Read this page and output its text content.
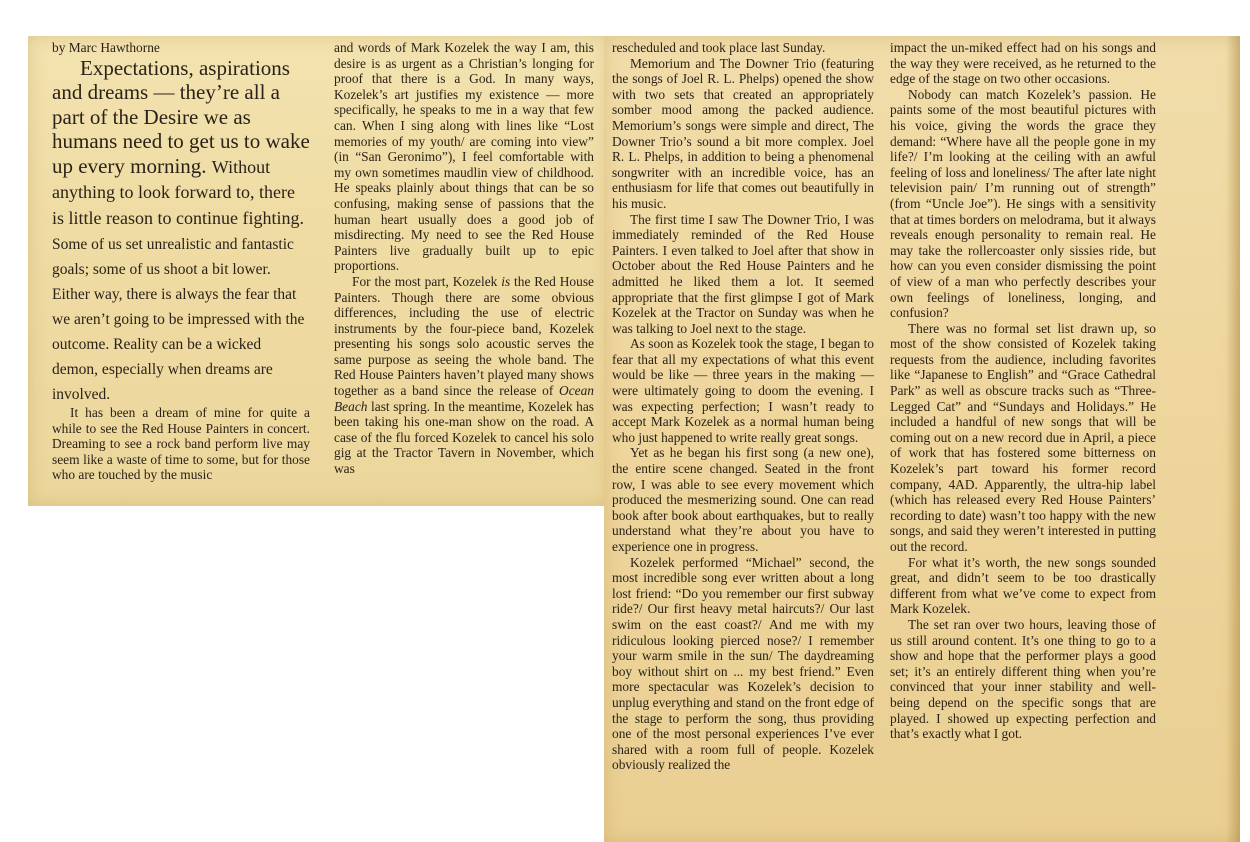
by Marc Hawthorne

Expectations, aspirations and dreams — they’re all a part of the Desire we as humans need to get us to wake up every morning. Without anything to look forward to, there is little reason to continue fighting. Some of us set unrealistic and fantastic goals; some of us shoot a bit lower. Either way, there is always the fear that we aren’t going to be impressed with the outcome. Reality can be a wicked demon, especially when dreams are involved.

It has been a dream of mine for quite a while to see the Red House Painters in concert. Dreaming to see a rock band perform live may seem like a waste of time to some, but for those who are touched by the music

and words of Mark Kozelek the way I am, this desire is as urgent as a Christian’s longing for proof that there is a God. In many ways, Kozelek’s art justifies my existence — more specifically, he speaks to me in a way that few can. When I sing along with lines like “Lost memories of my youth/ are coming into view” (in “San Geronimo”), I feel comfortable with my own sometimes maudlin view of childhood. He speaks plainly about things that can be so confusing, making sense of passions that the human heart usually does a good job of misdirecting. My need to see the Red House Painters live gradually built up to epic proportions.

For the most part, Kozelek is the Red House Painters. Though there are some obvious differences, including the use of electric instruments by the four-piece band, Kozelek presenting his songs solo acoustic serves the same purpose as seeing the whole band. The Red House Painters haven’t played many shows together as a band since the release of Ocean Beach last spring. In the meantime, Kozelek has been taking his one-man show on the road. A case of the flu forced Kozelek to cancel his solo gig at the Tractor Tavern in November, which was

rescheduled and took place last Sunday.

Memorium and The Downer Trio (featuring the songs of Joel R. L. Phelps) opened the show with two sets that created an appropriately somber mood among the packed audience. Memorium’s songs were simple and direct, The Downer Trio’s sound a bit more complex. Joel R. L. Phelps, in addition to being a phenomenal songwriter with an incredible voice, has an enthusiasm for life that comes out beautifully in his music.

The first time I saw The Downer Trio, I was immediately reminded of the Red House Painters. I even talked to Joel after that show in October about the Red House Painters and he admitted he liked them a lot. It seemed appropriate that the first glimpse I got of Mark Kozelek at the Tractor on Sunday was when he was talking to Joel next to the stage.

As soon as Kozelek took the stage, I began to fear that all my expectations of what this event would be like — three years in the making — were ultimately going to doom the evening. I was expecting perfection; I wasn’t ready to accept Mark Kozelek as a normal human being who just happened to write really great songs.

Yet as he began his first song (a new one), the entire scene changed. Seated in the front row, I was able to see every movement which produced the mesmerizing sound. One can read book after book about earthquakes, but to really understand what they’re about you have to experience one in progress.

Kozelek performed “Michael” second, the most incredible song ever written about a long lost friend: “Do you remember our first subway ride?/ Our first heavy metal haircuts?/ Our last swim on the east coast?/ And me with my ridiculous looking pierced nose?/ I remember your warm smile in the sun/ The daydreaming boy without shirt on ... my best friend.” Even more spectacular was Kozelek’s decision to unplug everything and stand on the front edge of the stage to perform the song, thus providing one of the most personal experiences I’ve ever shared with a room full of people. Kozelek obviously realized the

impact the un-miked effect had on his songs and the way they were received, as he returned to the edge of the stage on two other occasions.

Nobody can match Kozelek’s passion. He paints some of the most beautiful pictures with his voice, giving the words the grace they demand: “Where have all the people gone in my life?/ I’m looking at the ceiling with an awful feeling of loss and loneliness/ The after late night television pain/ I’m running out of strength” (from “Uncle Joe”). He sings with a sensitivity that at times borders on melodrama, but it always reveals enough personality to remain real. He may take the rollercoaster only sissies ride, but how can you even consider dismissing the point of view of a man who perfectly describes your own feelings of loneliness, longing, and confusion?

There was no formal set list drawn up, so most of the show consisted of Kozelek taking requests from the audience, including favorites like “Japanese to English” and “Grace Cathedral Park” as well as obscure tracks such as “Three-Legged Cat” and “Sundays and Holidays.” He included a handful of new songs that will be coming out on a new record due in April, a piece of work that has fostered some bitterness on Kozelek’s part toward his former record company, 4AD. Apparently, the ultra-hip label (which has released every Red House Painters’ recording to date) wasn’t too happy with the new songs, and said they weren’t interested in putting out the record.

For what it’s worth, the new songs sounded great, and didn’t seem to be too drastically different from what we’ve come to expect from Mark Kozelek.

The set ran over two hours, leaving those of us still around content. It’s one thing to go to a show and hope that the performer plays a good set; it’s an entirely different thing when you’re convinced that your inner stability and well-being depend on the specific songs that are played. I showed up expecting perfection and that’s exactly what I got.
